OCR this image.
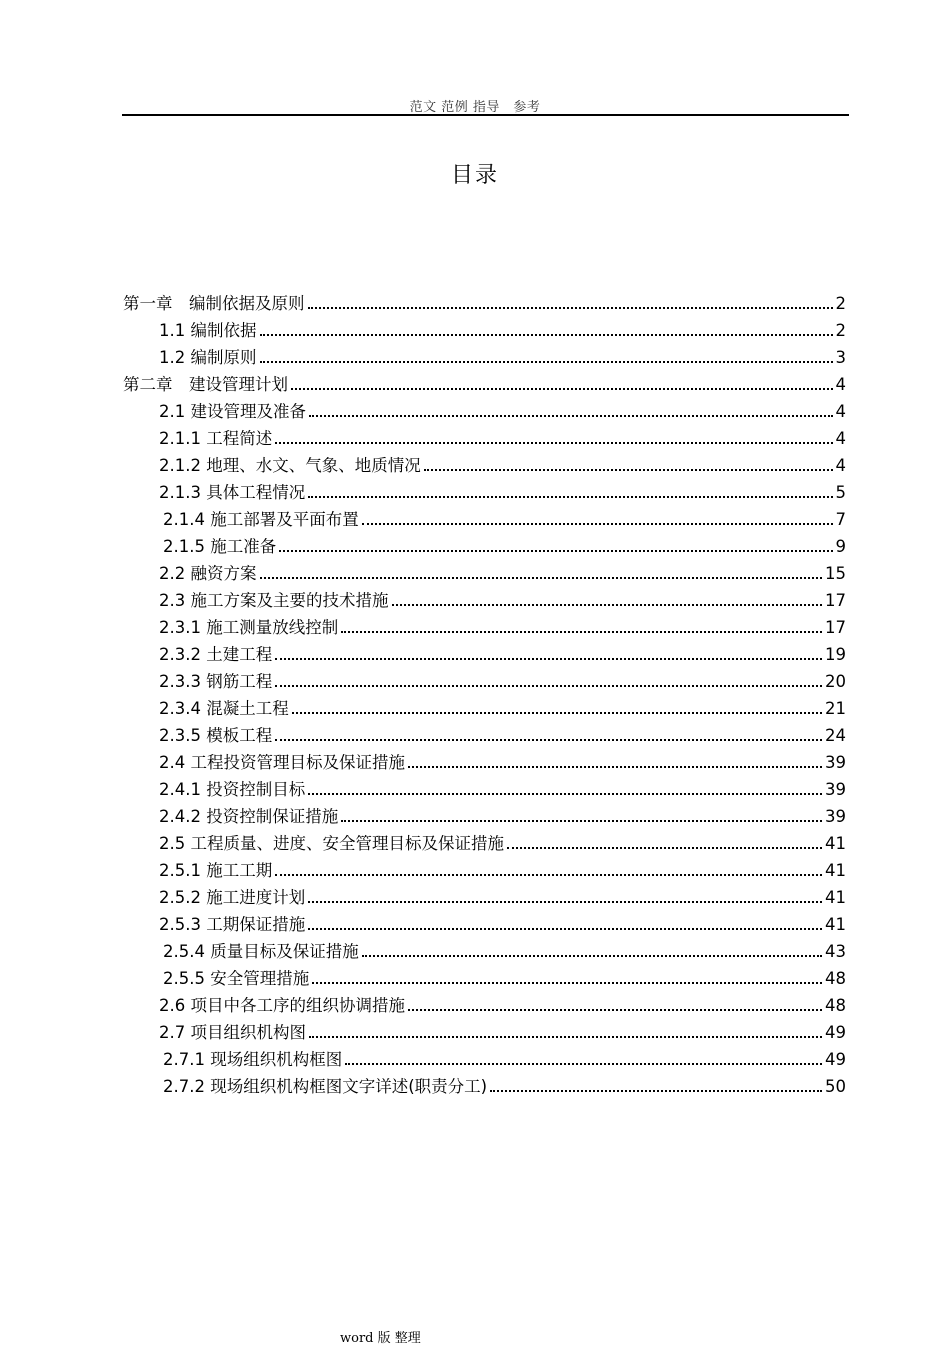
范文 范例 指导　参考
目录
第一章　编制依据及原则	2
1.1 编制依据	2
1.2 编制原则	3
第二章　建设管理计划	4
2.1 建设管理及准备	4
2.1.1 工程简述	4
2.1.2 地理、水文、气象、地质情况	4
2.1.3 具体工程情况	5
2.1.4 施工部署及平面布置	7
2.1.5 施工准备	9
2.2 融资方案	15
2.3 施工方案及主要的技术措施	17
2.3.1 施工测量放线控制	17
2.3.2 土建工程	19
2.3.3 钢筋工程	20
2.3.4 混凝土工程	21
2.3.5 模板工程	24
2.4 工程投资管理目标及保证措施	39
2.4.1 投资控制目标	39
2.4.2 投资控制保证措施	39
2.5 工程质量、进度、安全管理目标及保证措施	41
2.5.1 施工工期	41
2.5.2 施工进度计划	41
2.5.3 工期保证措施	41
2.5.4 质量目标及保证措施	43
2.5.5 安全管理措施	48
2.6 项目中各工序的组织协调措施	48
2.7 项目组织机构图	49
2.7.1 现场组织机构框图	49
2.7.2 现场组织机构框图文字详述(职责分工)	50
word 版 整理
